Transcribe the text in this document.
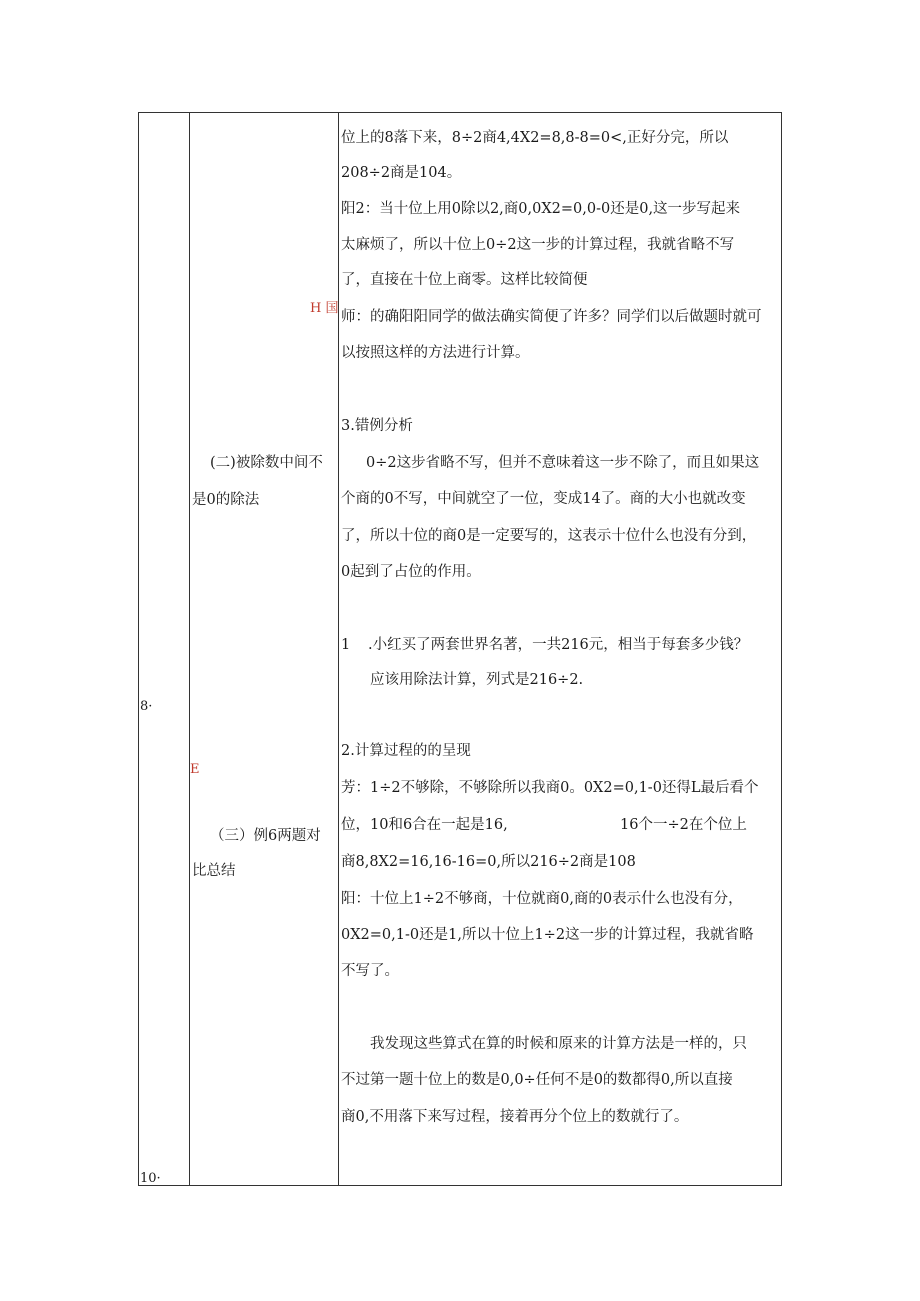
8·
10·
H 国
E
(二)被除数中间不
是0的除法
（三）例6两题对
比总结
位上的8落下来，8÷2商4,4X2=8,8-8=0<,正好分完，所以
208÷2商是104。
阳2：当十位上用0除以2,商0,0X2=0,0-0还是0,这一步写起来
太麻烦了，所以十位上0÷2这一步的计算过程，我就省略不写
了，直接在十位上商零。这样比较简便
师：的确阳阳同学的做法确实简便了许多？同学们以后做题时就可
以按照这样的方法进行计算。
3.错例分析
0÷2这步省略不写，但并不意味着这一步不除了，而且如果这
个商的0不写，中间就空了一位，变成14了。商的大小也就改变
了，所以十位的商0是一定要写的，这表示十位什么也没有分到，
0起到了占位的作用。
1 .小红买了两套世界名著，一共216元，相当于每套多少钱？
应该用除法计算，列式是216÷2.
2.计算过程的的呈现
芳：1÷2不够除，不够除所以我商0。0X2=0,1-0还得L最后看个
位，10和6合在一起是16,	16个一÷2在个位上
商8,8X2=16,16-16=0,所以216÷2商是108
阳：十位上1÷2不够商，十位就商0,商的0表示什么也没有分，
0X2=0,1-0还是1,所以十位上1÷2这一步的计算过程，我就省略
不写了。
我发现这些算式在算的时候和原来的计算方法是一样的，只
不过第一题十位上的数是0,0÷任何不是0的数都得0,所以直接
商0,不用落下来写过程，接着再分个位上的数就行了。
